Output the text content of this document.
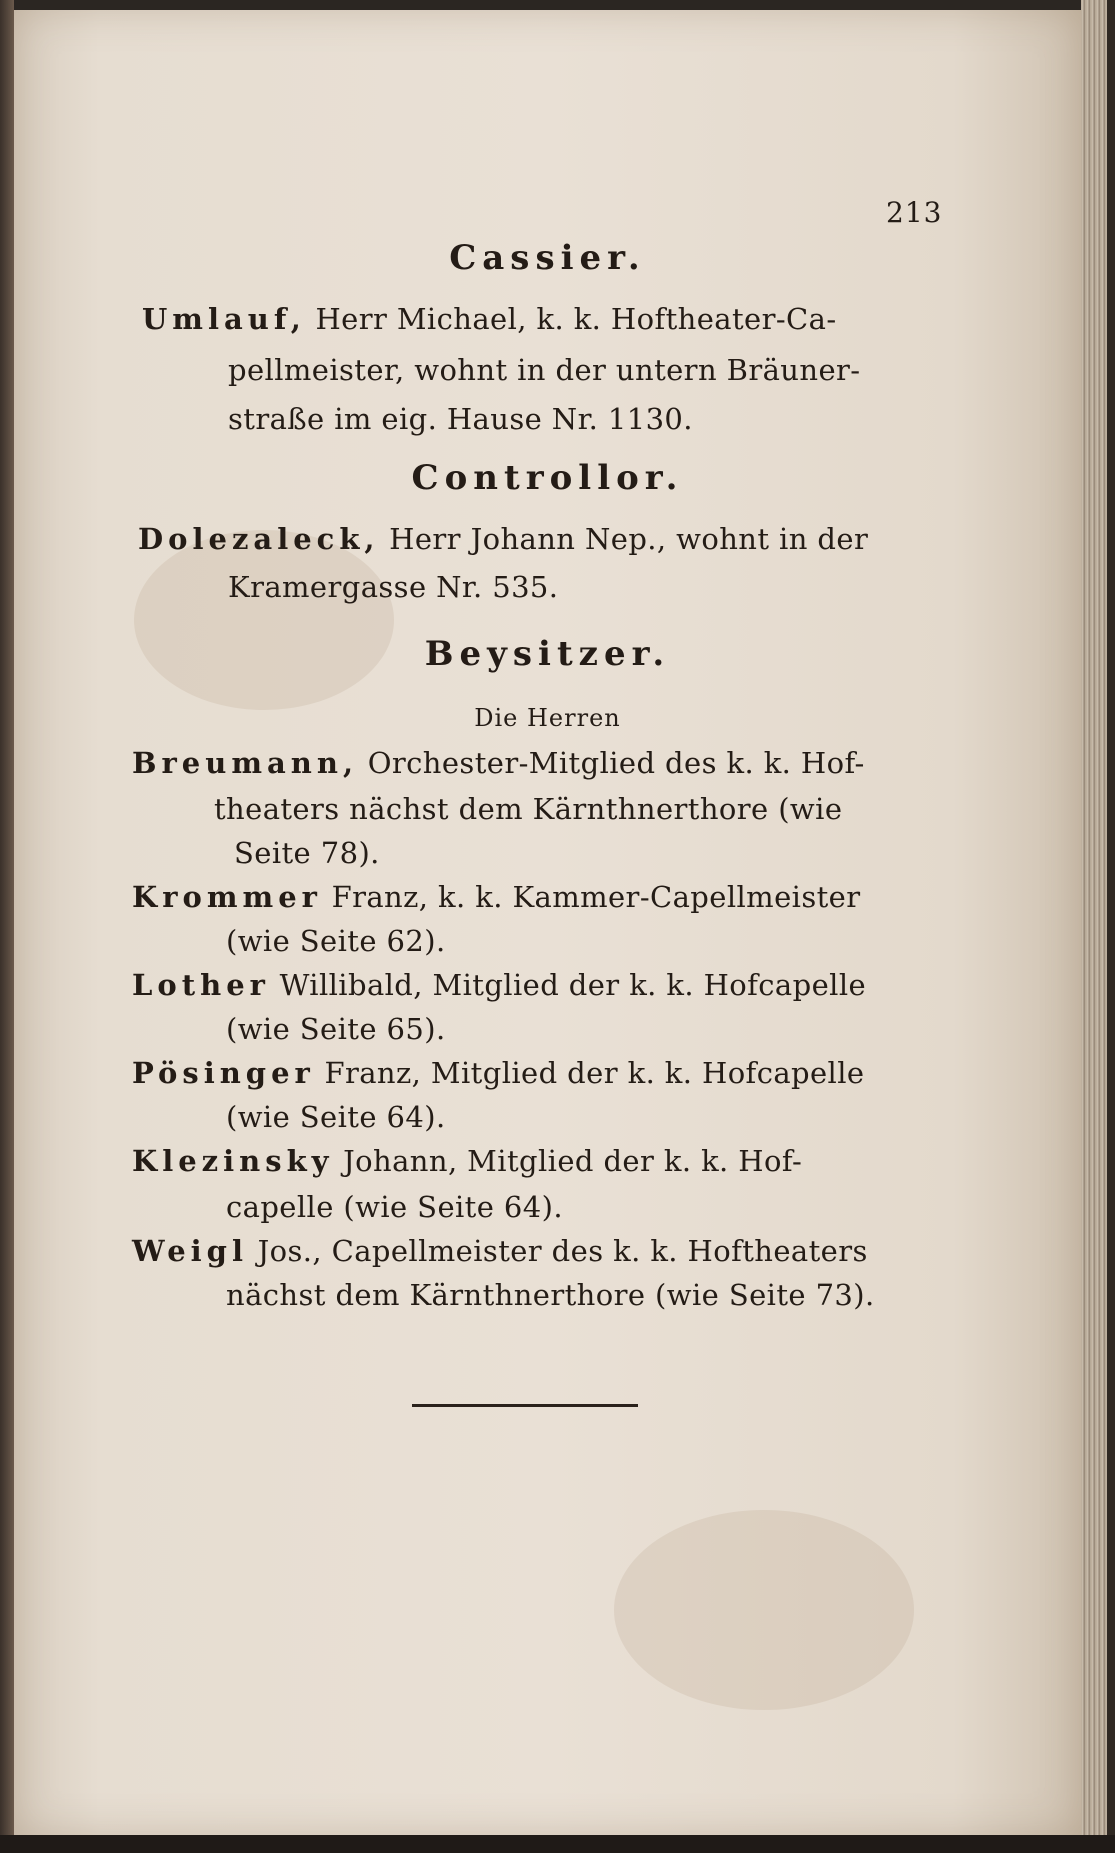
213
Cassier.
Umlauf, Herr Michael, k. k. Hoftheater-Ca-
pellmeister, wohnt in der untern Bräuner-
straße im eig. Hause Nr. 1130.
Controllor.
Dolezaleck, Herr Johann Nep., wohnt in der
Kramergasse Nr. 535.
Beysitzer.
Die Herren
Breumann, Orchester-Mitglied des k. k. Hof-
theaters nächst dem Kärnthnerthore (wie
Seite 78).
Krommer Franz, k. k. Kammer-Capellmeister
(wie Seite 62).
Lother Willibald, Mitglied der k. k. Hofcapelle
(wie Seite 65).
Pösinger Franz, Mitglied der k. k. Hofcapelle
(wie Seite 64).
Klezinsky Johann, Mitglied der k. k. Hof-
capelle (wie Seite 64).
Weigl Jos., Capellmeister des k. k. Hoftheaters
nächst dem Kärnthnerthore (wie Seite 73).
